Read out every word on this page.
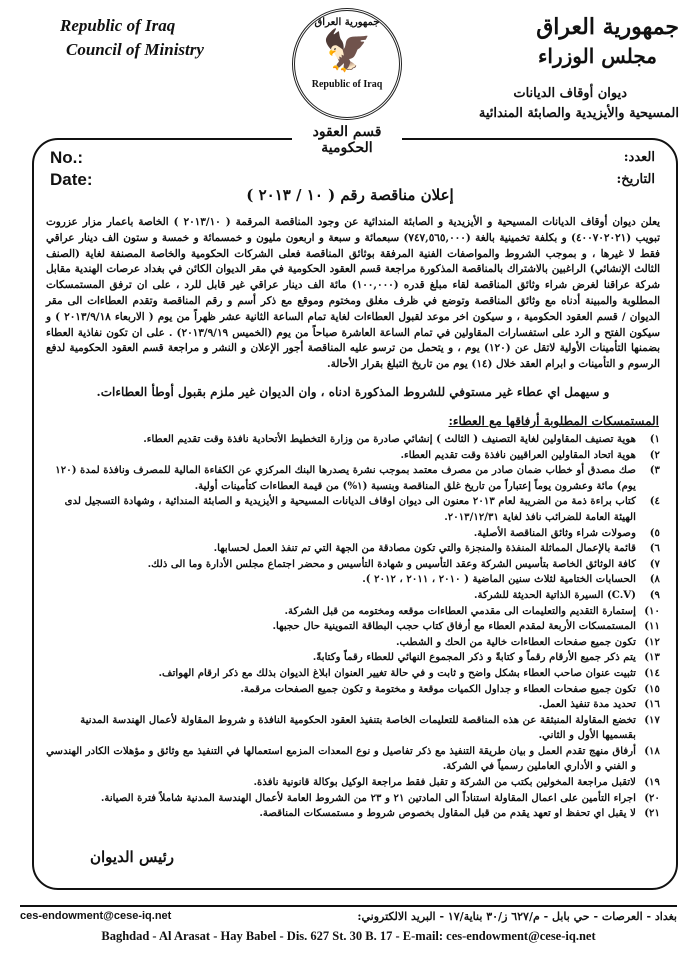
Republic of Iraq
Council of Ministry
جمهورية العراق
🦅
Republic of Iraq
جمهورية العراق
مجلس الوزراء
ديوان أوقاف الديانات
المسيحية والأيزيدية والصابئة المندائية
قسم العقود الحكومية
No.:
Date:
العدد:
التاريخ:
إعلان مناقصة رقم ( ١٠ / ٢٠١٣ )
يعلن ديوان أوقاف الديانات المسيحية و الأيزيدية و الصابئة المندائية عن وجود المناقصة المرقمة ( ٢٠١٣/١٠ ) الخاصة باعمار مزار عزروت تبويب (٤٠٠٧٠٢٠٢١) و بكلفة تخمينية بالغة (٧٤٧,٥٦٥,٠٠٠) سبعمائة و سبعة و اربعون مليون و خمسمائة و خمسة و ستون الف دينار عراقي فقط لا غيرها ، و بموجب الشروط والمواصفات الفنية المرفقة بوثائق المناقصة فعلى الشركات الحكومية والخاصة المصنفة لغاية (الصنف الثالث الإنشائي) الراغبين بالاشتراك بالمناقصة المذكورة مراجعة قسم العقود الحكومية في مقر الديوان الكائن في بغداد عرصات الهندية مقابل شركة عراقنا لغرض شراء وثائق المناقصة لقاء مبلغ قدره (١٠٠,٠٠٠) مائة الف دينار عراقي غير قابل للرد ، على ان ترفق المستمسكات المطلوبة والمبينة أدناه مع وثائق المناقصة وتوضع في ظرف مغلق ومختوم وموقع مع ذكر أسم و رقم المناقصة وتقدم العطاءات الى مقر الديوان / قسم العقود الحكومية ، و سيكون اخر موعد لقبول العطاءات لغاية تمام الساعة الثانية عشر ظهراً من يوم ( الاربعاء ٢٠١٣/٩/١٨ ) و سيكون الفتح و الرد على استفسارات المقاولين في تمام الساعة العاشرة صباحاً من يوم (الخميس ٢٠١٣/٩/١٩) . على ان تكون نفاذية العطاء بضمنها التأمينات الأولية لاتقل عن (١٢٠) يوم ، و يتحمل من ترسو عليه المناقصة أجور الإعلان و النشر و مراجعة قسم العقود الحكومية لدفع الرسوم و التأمينات و ابرام العقد خلال (١٤) يوم من تاريخ التبلغ بقرار الأحالة.
و سيهمل اي عطاء غير مستوفي للشروط المذكورة ادناه ، وان الديوان غير ملزم بقبول أوطأ العطاءات.
المستمسكات المطلوبة أرفاقها مع العطاء:
١)
هوية تصنيف المقاولين لغاية التصنيف ( الثالث ) إنشائي صادرة من وزارة التخطيط الأتحادية نافذة وقت تقديم العطاء.
٢)
هوية اتحاد المقاولين العراقيين نافذة وقت تقديم العطاء.
٣)
صك مصدق أو خطاب ضمان صادر من مصرف معتمد بموجب نشرة يصدرها البنك المركزي عن الكفاءة المالية للمصرف ونافذة لمدة (١٢٠ يوم) مائة وعشرون يوماً إعتباراً من تاريخ غلق المناقصة وبنسبة (١%) من قيمة العطاءات كتأمينات أولية.
٤)
كتاب براءة ذمة من الضريبة لعام ٢٠١٣ معنون الى ديوان اوقاف الديانات المسيحية و الأيزيدية و الصابئة المندائية ، وشهادة التسجيل لدى الهيئة العامة للضرائب نافذ لغاية ٢٠١٣/١٢/٣١.
٥)
وصولات شراء وثائق المناقصة الأصلية.
٦)
قائمة بالإعمال المماثلة المنفذة والمنجزة والتي تكون مصادقة من الجهة التي تم تنفذ العمل لحسابها.
٧)
كافة الوثائق الخاصة بتأسيس الشركة وعقد التأسيس و شهادة التأسيس و محضر اجتماع مجلس الأدارة وما الى ذلك.
٨)
الحسابات الختامية لثلاث سنين الماضية ( ٢٠١٠ ، ٢٠١١ ، ٢٠١٢ ).
٩)
(C.V) السيرة الذاتية الحديثة للشركة.
١٠)
إستمارة التقديم والتعليمات الى مقدمي العطاءات موقعه ومختومه من قبل الشركة.
١١)
المستمسكات الأربعة لمقدم العطاء مع أرفاق كتاب حجب البطاقة التموينية حال حجبها.
١٢)
تكون جميع صفحات العطاءات خالية من الحك و الشطب.
١٣)
يتم ذكر جميع الأرقام رقماً و كتابةً و ذكر المجموع النهائي للعطاء رقماً وكتابةً.
١٤)
تثبيت عنوان صاحب العطاء بشكل واضح و ثابت و في حالة تغيير العنوان ابلاغ الديوان بذلك مع ذكر ارقام الهواتف.
١٥)
تكون جميع صفحات العطاء و جداول الكميات موقعة و مختومة و تكون جميع الصفحات مرقمة.
١٦)
تحديد مدة تنفيذ العمل.
١٧)
تخضع المقاولة المنبثقة عن هذه المناقصة للتعليمات الخاصة بتنفيذ العقود الحكومية النافذة و شروط المقاولة لأعمال الهندسة المدنية بقسميها الأول و الثاني.
١٨)
أرفاق منهج تقدم العمل و بيان طريقة التنفيذ مع ذكر تفاصيل و نوع المعدات المزمع استعمالها في التنفيذ مع وثائق و مؤهلات الكادر الهندسي و الفني و الأداري العاملين رسمياً في الشركة.
١٩)
لاتقبل مراجعة المخولين بكتب من الشركة و تقبل فقط مراجعة الوكيل بوكالة قانونية نافذة.
٢٠)
اجراء التأمين على اعمال المقاولة استناداً الى المادتين ٢١ و ٢٣ من الشروط العامة لأعمال الهندسة المدنية شاملاً فترة الصيانة.
٢١)
لا يقبل اي تحفظ او تعهد يقدم من قبل المقاول بخصوص شروط و مستمسكات المناقصة.
رئيس الديوان
بغداد - العرصات - حي بابل - م/٦٢٧ ز/٣٠ بناية/١٧ - البريد الالكتروني:
ces-endowment@cese-iq.net
Baghdad - Al Arasat - Hay Babel - Dis. 627 St. 30 B. 17 - E-mail: ces-endowment@cese-iq.net
